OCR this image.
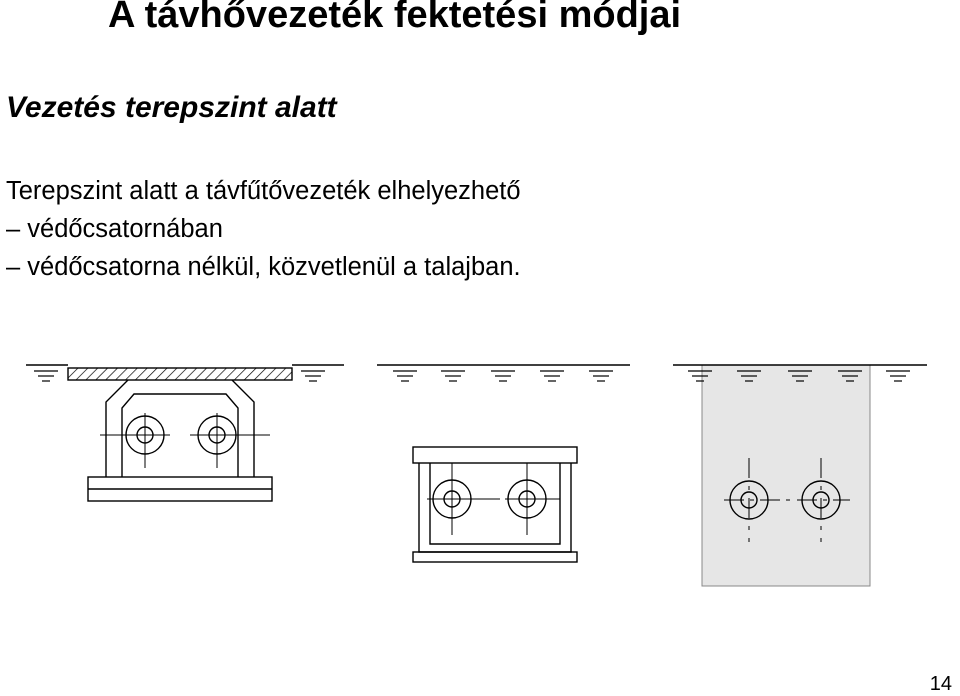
A távhővezeték fektetési módjai
Vezetés terepszint alatt
Terepszint alatt a távfűtővezeték elhelyezhető
– védőcsatornában
– védőcsatorna nélkül, közvetlenül a talajban.
14
